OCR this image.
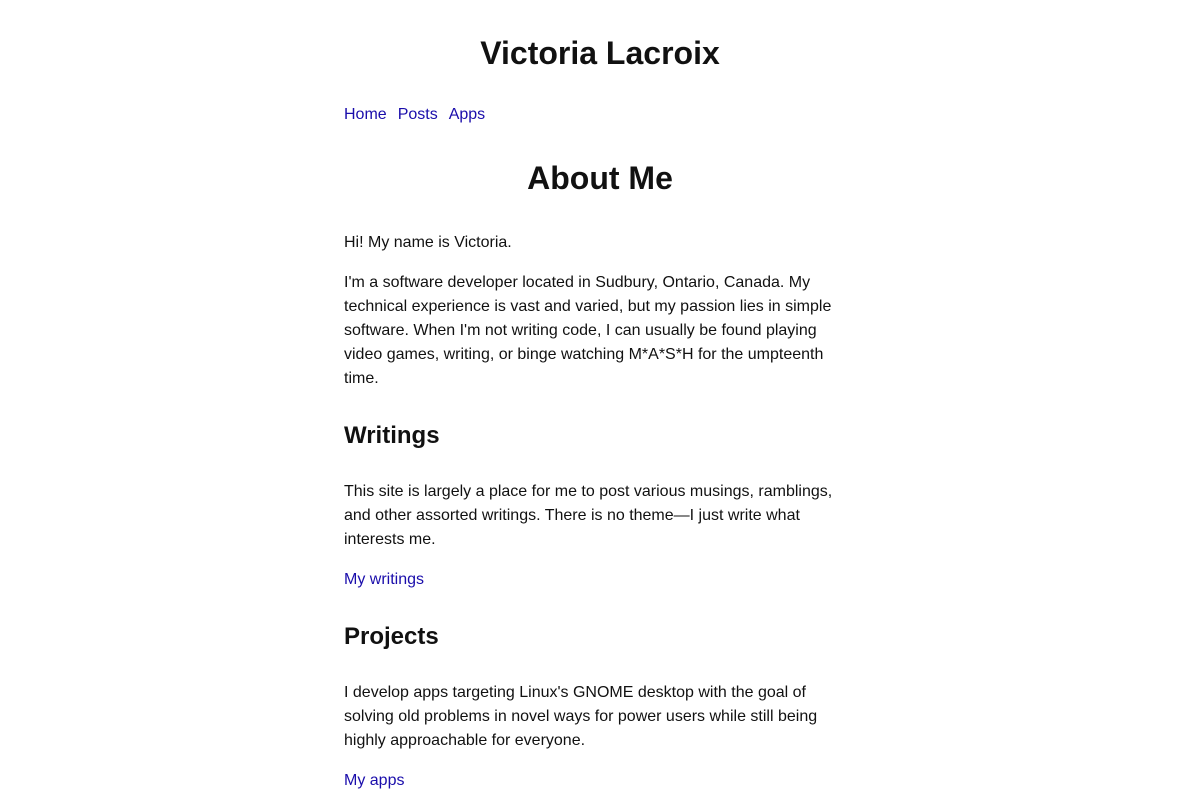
Victoria Lacroix
Home Posts Apps
About Me

Hi! My name is Victoria.

I'm a software developer located in Sudbury, Ontario, Canada. My technical experience is vast and varied, but my passion lies in simple software. When I'm not writing code, I can usually be found playing video games, writing, or binge watching M*A*S*H for the umpteenth time.

Writings

This site is largely a place for me to post various musings, ramblings, and other assorted writings. There is no theme—I just write what interests me.

My writings

Projects

I develop apps targeting Linux's GNOME desktop with the goal of solving old problems in novel ways for power users while still being highly approachable for everyone.

My apps
